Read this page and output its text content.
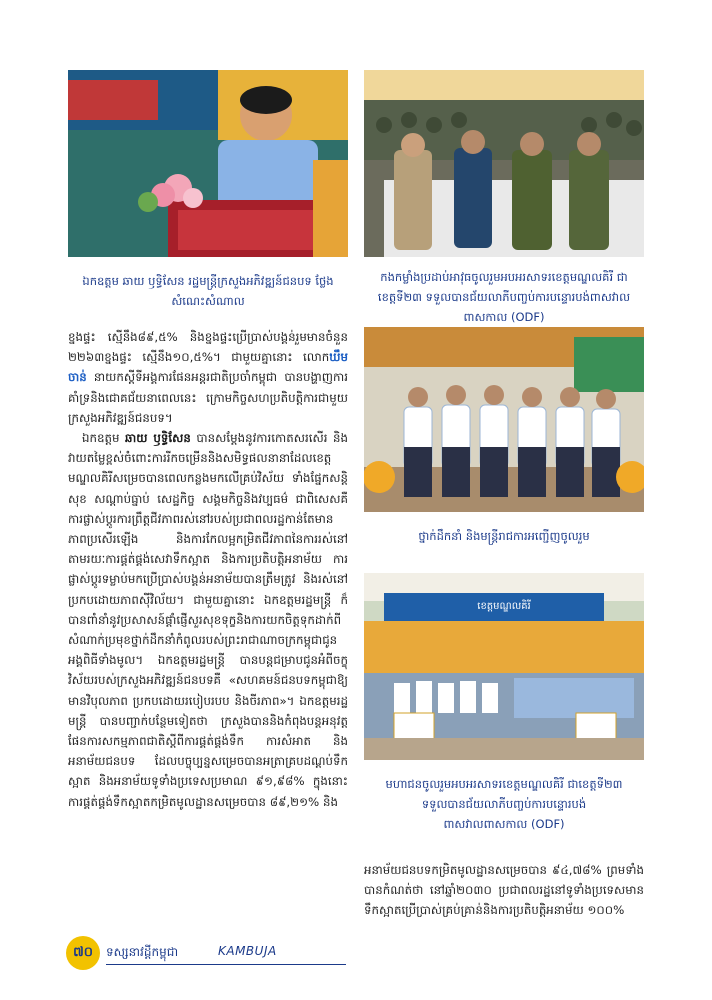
ឯកឧត្តម ឆាយ ឫទ្ធិសែន រដ្ឋមន្ត្រីក្រសួងអភិវឌ្ឍន៍ជនបទ ថ្លែងសំណេះសំណាល
កងកម្លាំងប្រដាប់អាវុធចូលរួមអបអរសាទរខេត្តមណ្ឌលគិរី ជា
ខេត្តទី២៣ ទទួលបានជ័យលាភីបញ្ចប់ការបន្ទោរបង់ពាសវាល
ពាសកាល (ODF)
ថ្នាក់ដឹកនាំ និងមន្ត្រីរាជការអញ្ជើញចូលរួម
ខេត្តមណ្ឌលគិរី
មហាជនចូលរួមអបអរសាទរខេត្តមណ្ឌលគិរី ជាខេត្តទី២៣
ទទួលបានជ័យលាភីបញ្ចប់ការបន្ទោរបង់
ពាសវាលពាសកាល (ODF)

ខ្នងផ្ទះ ស្មើនឹង៨៩,៥% និងខ្នងផ្ទះប្រើប្រាស់បង្គន់រួមមានចំនួន ២២៦៣ខ្នងផ្ទះ ស្មើនឹង១០,៥%។ ជាមួយគ្នានោះ លោកឃឹម ចាន់ នាយកស្តីទីអង្គការផែនអន្តរជាតិប្រចាំកម្ពុជា បានបង្ហាញការគាំទ្រនិងជោគជ័យនាពេលនេះ ក្រោមកិច្ចសហប្រតិបត្តិការជាមួយក្រសួងអភិវឌ្ឍន៍ជនបទ។

ឯកឧត្តម ឆាយ ឫទ្ធិសែន បានសម្តែងនូវការកោតសរសើរ និងវាយតម្លៃខ្ពស់ចំពោះការរីកចម្រើននិងសមិទ្ធផលនានាដែលខេត្តមណ្ឌលគិរីសម្រេចបានពេលកន្លងមកលើគ្រប់វិស័យ ទាំងផ្នែកសន្តិសុខ សណ្តាប់ធ្នាប់ សេដ្ឋកិច្ច សង្គមកិច្ចនិងវប្បធម៌ ជាពិសេសគឺ ការផ្លាស់ប្តូរការព្រឹត្តជីវភាពរស់នៅរបស់ប្រជាពលរដ្ឋកាន់តែមានភាពប្រសើរឡើង និងការកែលម្អកម្រិតជីវភាពនៃការរស់នៅតាមរយៈការផ្គត់ផ្គង់សេវាទឹកស្អាត និងការប្រតិបត្តិអនាម័យ ការផ្លាស់ប្តូរទម្លាប់មកប្រើប្រាស់បង្គន់អនាម័យបានត្រឹមត្រូវ និងរស់នៅប្រកបដោយភាពស៊ីវិល័យ។ ជាមួយគ្នានោះ ឯកឧត្តមរដ្ឋមន្ត្រី ក៏បានពាំនាំនូវប្រសាសន៍ផ្តាំផ្ញើសួរសុខទុក្ខនិងការយកចិត្តទុកដាក់ពីសំណាក់ប្រមុខថ្នាក់ដឹកនាំកំពូលរបស់ព្រះរាជាណាចក្រកម្ពុជាជូនអង្គពិធីទាំងមូល។ ឯកឧត្តមរដ្ឋមន្ត្រី បានបន្តជម្រាបជូនអំពីចក្ខុវិស័យរបស់ក្រសួងអភិវឌ្ឍន៍ជនបទគឺ «សហគមន៍ជនបទកម្ពុជាឱ្យមានវិបុលភាព ប្រកបដោយរបៀបរបប និងចីរភាព»។ ឯកឧត្តមរដ្ឋមន្ត្រី បានបញ្ជាក់បន្ថែមទៀតថា ក្រសួងបាននិងកំពុងបន្តអនុវត្តផែនការសកម្មភាពជាតិស្តីពីការផ្គត់ផ្គង់ទឹក ការសំអាត និងអនាម័យជនបទ ដែលបច្ចុប្បន្នសម្រេចបានអត្រាគ្របដណ្តប់ទឹកស្អាត និងអនាម័យទូទាំងប្រទេសប្រមាណ ៩១,៩៨% ក្នុងនោះ ការផ្គត់ផ្គង់ទឹកស្អាតកម្រិតមូលដ្ឋានសម្រេចបាន ៨៩,២១% និង

អនាម័យជនបទកម្រិតមូលដ្ឋានសម្រេចបាន ៩៤,៧៨% ព្រមទាំងបានកំណត់ថា នៅឆ្នាំ២០៣០ ប្រជាពលរដ្ឋនៅទូទាំងប្រទេសមានទឹកស្អាតប្រើប្រាស់គ្រប់គ្រាន់និងការប្រតិបត្តិអនាម័យ ១០០%

៧០	ទស្សនាវដ្ដីកម្ពុជា	KAMBUJA
